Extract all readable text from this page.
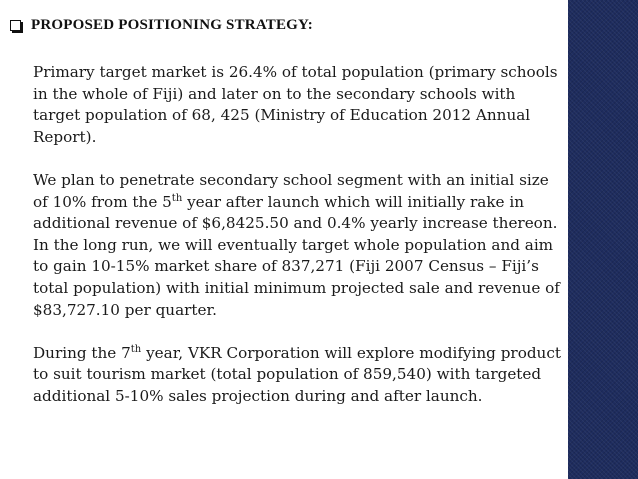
PROPOSED POSITIONING STRATEGY:

Primary target market is 26.4% of total population (primary schools in the whole of Fiji) and later on to the secondary schools with target population of 68, 425 (Ministry of Education 2012 Annual Report).

We plan to penetrate secondary school segment with an initial size of 10% from the 5th year after launch which will initially rake in additional revenue of $6,8425.50 and 0.4% yearly increase thereon. In the long run, we will eventually target whole population and aim to gain 10-15% market share of 837,271 (Fiji 2007 Census – Fiji’s total population) with initial minimum projected sale and revenue of $83,727.10 per quarter.

During the 7th year, VKR Corporation will explore modifying product to suit tourism market (total population of 859,540) with targeted additional 5-10% sales projection during and after launch.
